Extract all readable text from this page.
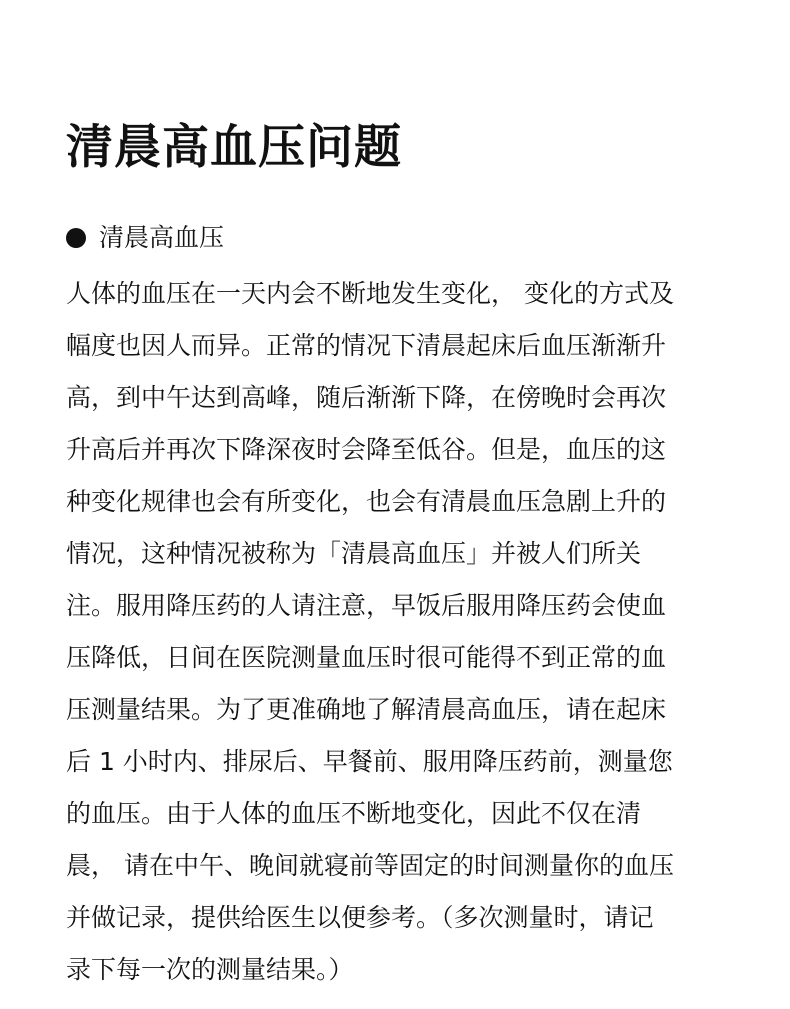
清晨高血压问题
清晨高血压
人体的血压在一天内会不断地发生变化， 变化的方式及
幅度也因人而异。正常的情况下清晨起床后血压渐渐升
高，到中午达到高峰，随后渐渐下降，在傍晚时会再次
升高后并再次下降深夜时会降至低谷。但是，血压的这
种变化规律也会有所变化，也会有清晨血压急剧上升的
情况，这种情况被称为「清晨高血压」并被人们所关
注。服用降压药的人请注意，早饭后服用降压药会使血
压降低，日间在医院测量血压时很可能得不到正常的血
压测量结果。为了更准确地了解清晨高血压，请在起床
后 1 小时内、排尿后、早餐前、服用降压药前，测量您
的血压。由于人体的血压不断地变化，因此不仅在清
晨， 请在中午、晚间就寝前等固定的时间测量你的血压
并做记录，提供给医生以便参考。（多次测量时，请记
录下每一次的测量结果。）
